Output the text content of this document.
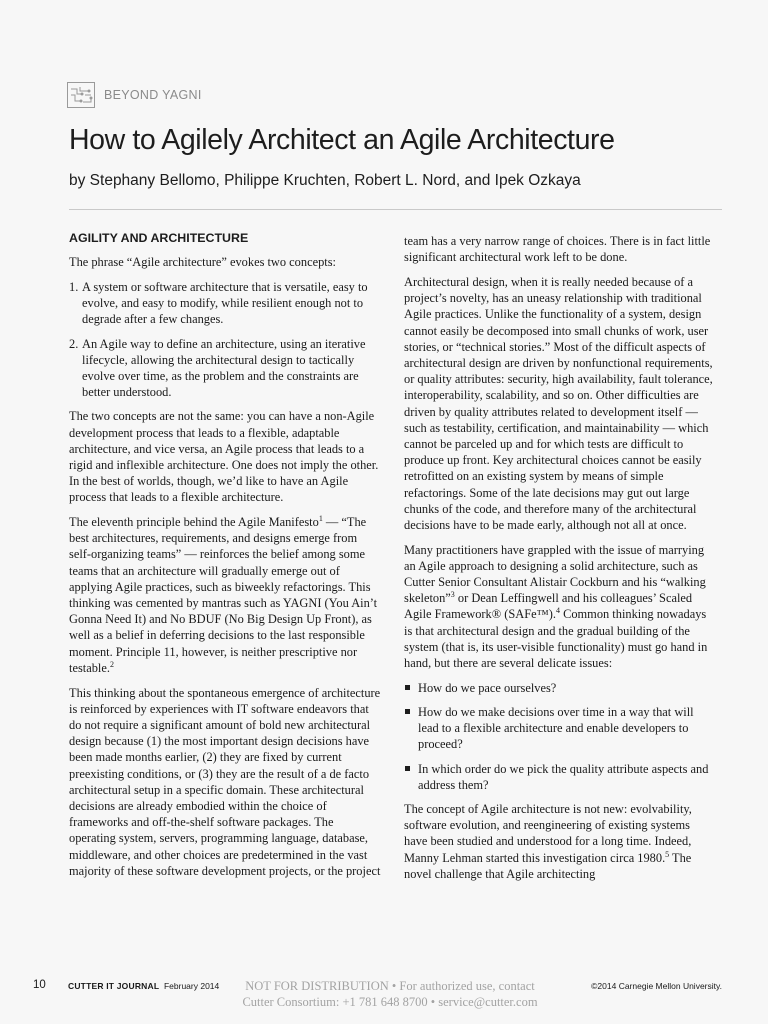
BEYOND YAGNI
How to Agilely Architect an Agile Architecture

by Stephany Bellomo, Philippe Kruchten, Robert L. Nord, and Ipek Ozkaya

AGILITY AND ARCHITECTURE

The phrase “Agile architecture” evokes two concepts:

1. A system or software architecture that is versatile, easy to evolve, and easy to modify, while resilient enough not to degrade after a few changes.
2. An Agile way to define an architecture, using an iterative lifecycle, allowing the architectural design to tactically evolve over time, as the problem and the constraints are better understood.

The two concepts are not the same: you can have a non-Agile development process that leads to a flexible, adaptable architecture, and vice versa, an Agile process that leads to a rigid and inflexible architecture. One does not imply the other. In the best of worlds, though, we’d like to have an Agile process that leads to a flexible architecture.

The eleventh principle behind the Agile Manifesto$^1$ — “The best architectures, requirements, and designs emerge from self-organizing teams” — reinforces the belief among some teams that an architecture will gradually emerge out of applying Agile practices, such as biweekly refactorings. This thinking was cemented by mantras such as YAGNI (You Ain’t Gonna Need It) and No BDUF (No Big Design Up Front), as well as a belief in deferring decisions to the last responsible moment. Principle 11, however, is neither prescriptive nor testable.$^2$

This thinking about the spontaneous emergence of architecture is reinforced by experiences with IT software endeavors that do not require a significant amount of bold new architectural design because (1) the most important design decisions have been made months earlier, (2) they are fixed by current preexisting conditions, or (3) they are the result of a de facto architectural setup in a specific domain. These architectural decisions are already embodied within the choice of frameworks and off-the-shelf software packages. The operating system, servers, programming language, database, middleware, and other choices are predetermined in the vast majority of these software development projects, or the project

team has a very narrow range of choices. There is in fact little significant architectural work left to be done.

Architectural design, when it is really needed because of a project’s novelty, has an uneasy relationship with traditional Agile practices. Unlike the functionality of a system, design cannot easily be decomposed into small chunks of work, user stories, or “technical stories.” Most of the difficult aspects of architectural design are driven by nonfunctional requirements, or quality attributes: security, high availability, fault tolerance, interoperability, scalability, and so on. Other difficulties are driven by quality attributes related to development itself — such as testability, certification, and maintainability — which cannot be parceled up and for which tests are difficult to produce up front. Key architectural choices cannot be easily retrofitted on an existing system by means of simple refactorings. Some of the late decisions may gut out large chunks of the code, and therefore many of the architectural decisions have to be made early, although not all at once.

Many practitioners have grappled with the issue of marrying an Agile approach to designing a solid architecture, such as Cutter Senior Consultant Alistair Cockburn and his “walking skeleton”$^3$ or Dean Leffingwell and his colleagues’ Scaled Agile Framework® (SAFe™).$^4$ Common thinking nowadays is that architectural design and the gradual building of the system (that is, its user-visible functionality) must go hand in hand, but there are several delicate issues:

How do we pace ourselves?
How do we make decisions over time in a way that will lead to a flexible architecture and enable developers to proceed?
In which order do we pick the quality attribute aspects and address them?

The concept of Agile architecture is not new: evolvability, software evolution, and reengineering of existing systems have been studied and understood for a long time. Indeed, Manny Lehman started this investigation circa 1980.$^5$ The novel challenge that Agile architecting

10	CUTTER IT JOURNAL February 2014	NOT FOR DISTRIBUTION • For authorized use, contact
Cutter Consortium: +1 781 648 8700 • service@cutter.com
©2014 Carnegie Mellon University.
